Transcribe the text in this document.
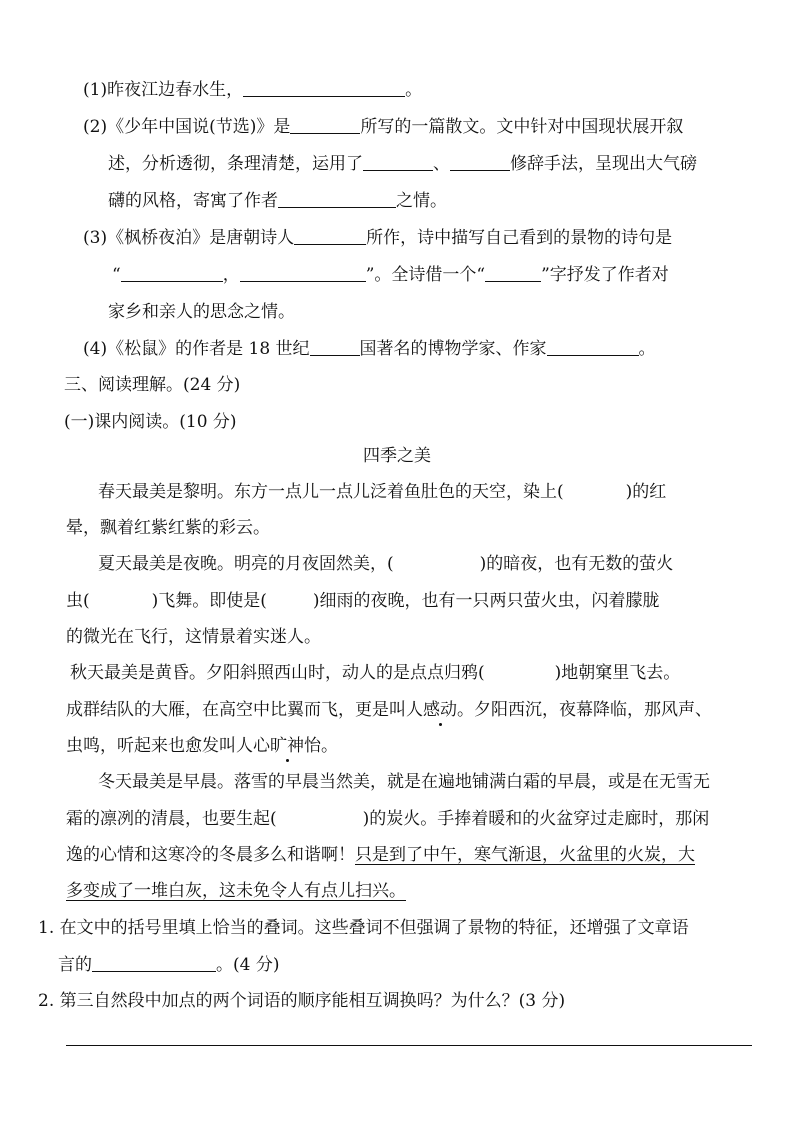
(1)昨夜江边春水生，	。
(2)《少年中国说(节选)》是	所写的一篇散文。文中针对中国现状展开叙
述，分析透彻，条理清楚，运用了	、	修辞手法，呈现出大气磅
礴的风格，寄寓了作者	之情。
(3)《枫桥夜泊》是唐朝诗人	所作，诗中描写自己看到的景物的诗句是
“	，	”。全诗借一个“	”字抒发了作者对
家乡和亲人的思念之情。
(4)《松鼠》的作者是 18 世纪	国著名的博物学家、作家	。
三、阅读理解。(24 分)
(一)课内阅读。(10 分)
四季之美
春天最美是黎明。东方一点儿一点儿泛着鱼肚色的天空，染上(	)的红
晕，飘着红紫红紫的彩云。
夏天最美是夜晚。明亮的月夜固然美，(	)的暗夜，也有无数的萤火
虫(	)飞舞。即使是(	)细雨的夜晚，也有一只两只萤火虫，闪着朦胧
的微光在飞行，这情景着实迷人。
秋天最美是黄昏。夕阳斜照西山时，动人的是点点归鸦(	)地朝窠里飞去。
成群结队的大雁，在高空中比翼而飞，更是叫人感动。夕阳西沉，夜幕降临，那风声、
虫鸣，听起来也愈发叫人心旷神怡。
冬天最美是早晨。落雪的早晨当然美，就是在遍地铺满白霜的早晨，或是在无雪无
霜的凛冽的清晨，也要生起(	)的炭火。手捧着暖和的火盆穿过走廊时，那闲
逸的心情和这寒冷的冬晨多么和谐啊！只是到了中午，寒气渐退，火盆里的火炭，大
多变成了一堆白灰，这未免令人有点儿扫兴。
1. 在文中的括号里填上恰当的叠词。这些叠词不但强调了景物的特征，还增强了文章语
言的	。(4 分)
2. 第三自然段中加点的两个词语的顺序能相互调换吗？为什么？(3 分)
